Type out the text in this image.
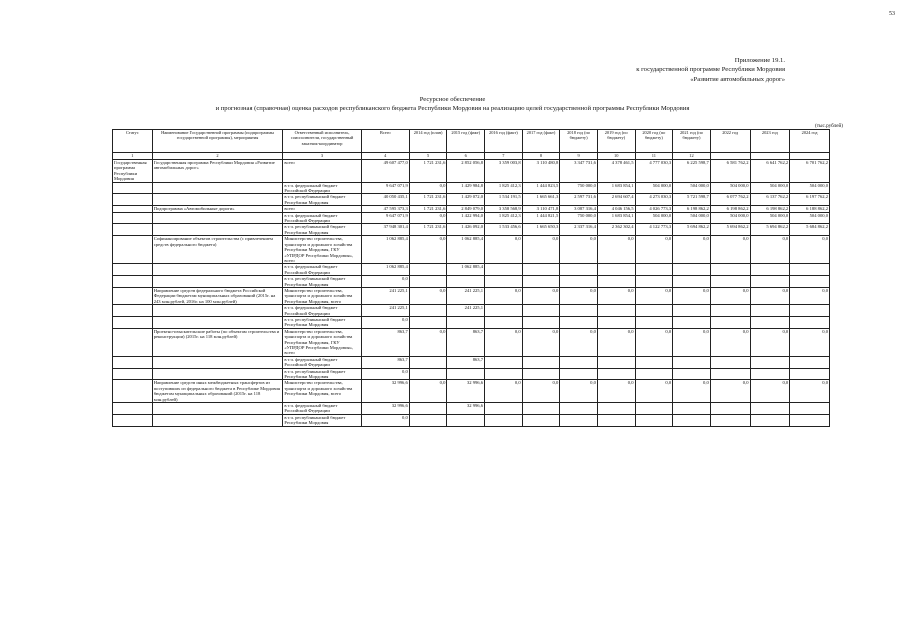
53
Приложение 19.1.
к государственной программе Республики Мордовия
«Развитие автомобильных дорог»
Ресурсное обеспечение
и прогнозная (справочная) оценка расходов республиканского бюджета Республики Мордовия на реализацию целей государственной программы Республики Мордовия
(тыс.рублей)
Статус	Наименование Государственной программы (подпрограммы государственной программы), мероприятия	Ответственный исполнитель, соисполнители, государственный заказчик-координатор	Всего	2014 год (план)	2015 год (факт)	2016 год (факт)	2017 год (факт)	2018 год (по бюджету)	2019 год (по бюджету)	2020 год (по бюджету)	2021 год (по бюджету)	2022 год	2023 год	2024 год
1	2	3	4	5	6	7	8	9	10	11	12			
Государственная программа Республики Мордовия	Государственная программа Республики Мордовия «Развитие автомобильных дорог»	всего	49 607 477,0	1 721 231,6	2 852 056,8	3 359 003,8	3 110 480,8	3 347 731,6	4 378 461,5	4 777 030,3	6 225 598,7	6 581 762,2	6 641 762,2	6 701 762,2
		в т.ч. федеральный бюджет Российской Федерации	9 647 071,9	0,0	1 429 984,8	1 825 412,3	1 444 823,5	750 000,0	1 683 854,1	504 000,0	504 000,0	504 000,0	504 000,0	504 000,0
		в т.ч. республиканский бюджет Республики Мордовия	40 050 435,1	1 721 231,6	1 429 072,0	1 534 191,5	1 665 661,3	2 597 731,6	2 694 607,4	4 273 030,3	5 721 598,7	6 077 762,2	6 137 762,2	6 197 762,2
	Подпрограмма «Автомобильные дороги»	всего	47 595 373,3	1 721 231,6	2 849 079,0	3 358 568,9	3 110 471,8	3 087 316,4	4 046 156,5	4 026 773,3	6 198 862,2	6 198 862,2	6 198 862,2	6 188 862,2
		в т.ч. федеральный бюджет Российской Федерации	9 647 071,9	0,0	1 422 994,0	1 825 412,3	1 444 821,5	750 000,0	1 683 854,1	504 000,0	504 000,0	504 000,0	504 000,0	504 000,0
		в т.ч. республиканский бюджет Республики Мордовия	37 948 301,4	1 721 231,6	1 426 092,0	1 533 456,6	1 665 650,3	2 337 316,4	2 362 302,4	4 122 773,3	5 694 862,2	5 694 862,2	5 694 862,2	5 684 862,2
	Софинансирование объектов строительства (с привлечением средств федерального бюджета)	Министерство строительства, транспорта и дорожного хозяйства Республики Мордовия, ГКУ «УПРДОР Республики Мордовия», всего	1 062 885,4	0,0	1 062 885,4	0,0	0,0	0,0	0,0	0,0	0,0	0,0	0,0	0,0
		в т.ч. федеральный бюджет Российской Федерации	1 062 885,4		1 062 885,4									
		в т.ч. республиканский бюджет Республики Мордовия	0,0											
	Направление средств федерального бюджета Российской Федерации бюджетам муниципальных образований (2015г. на 243 млн.рублей, 2016г. на 100 млн.рублей)	Министерство строительства, транспорта и дорожного хозяйства Республики Мордовия, всего	241 225,1	0,0	241 225,1	0,0	0,0	0,0	0,0	0,0	0,0	0,0	0,0	0,0
		в т.ч. федеральный бюджет Российской Федерации	241 225,1		241 225,1									
		в т.ч. республиканский бюджет Республики Мордовия	0,0											
	Проектно-изыскательские работы (по объектам строительства и реконструкции) (2015г. на 118 млн.рублей)	Министерство строительства, транспорта и дорожного хозяйства Республики Мордовия, ГКУ «УПРДОР Республики Мордовия», всего	863,7	0,0	863,7	0,0	0,0	0,0	0,0	0,0	0,0	0,0	0,0	0,0
		в т.ч. федеральный бюджет Российской Федерации	863,7		863,7									
		в т.ч. республиканский бюджет Республики Мордовия	0,0											
	Направление средств иных межбюджетных трансфертов из поступивших из федерального бюджета в Республике Мордовия бюджетам муниципальных образований (2015г. на 118 млн.рублей)	Министерство строительства, транспорта и дорожного хозяйства Республики Мордовия, всего	32 996,6	0,0	32 996,6	0,0	0,0	0,0	0,0	0,0	0,0	0,0	0,0	0,0
		в т.ч. федеральный бюджет Российской Федерации	32 996,6		32 996,6									
		в т.ч. республиканский бюджет Республики Мордовия	0,0											
